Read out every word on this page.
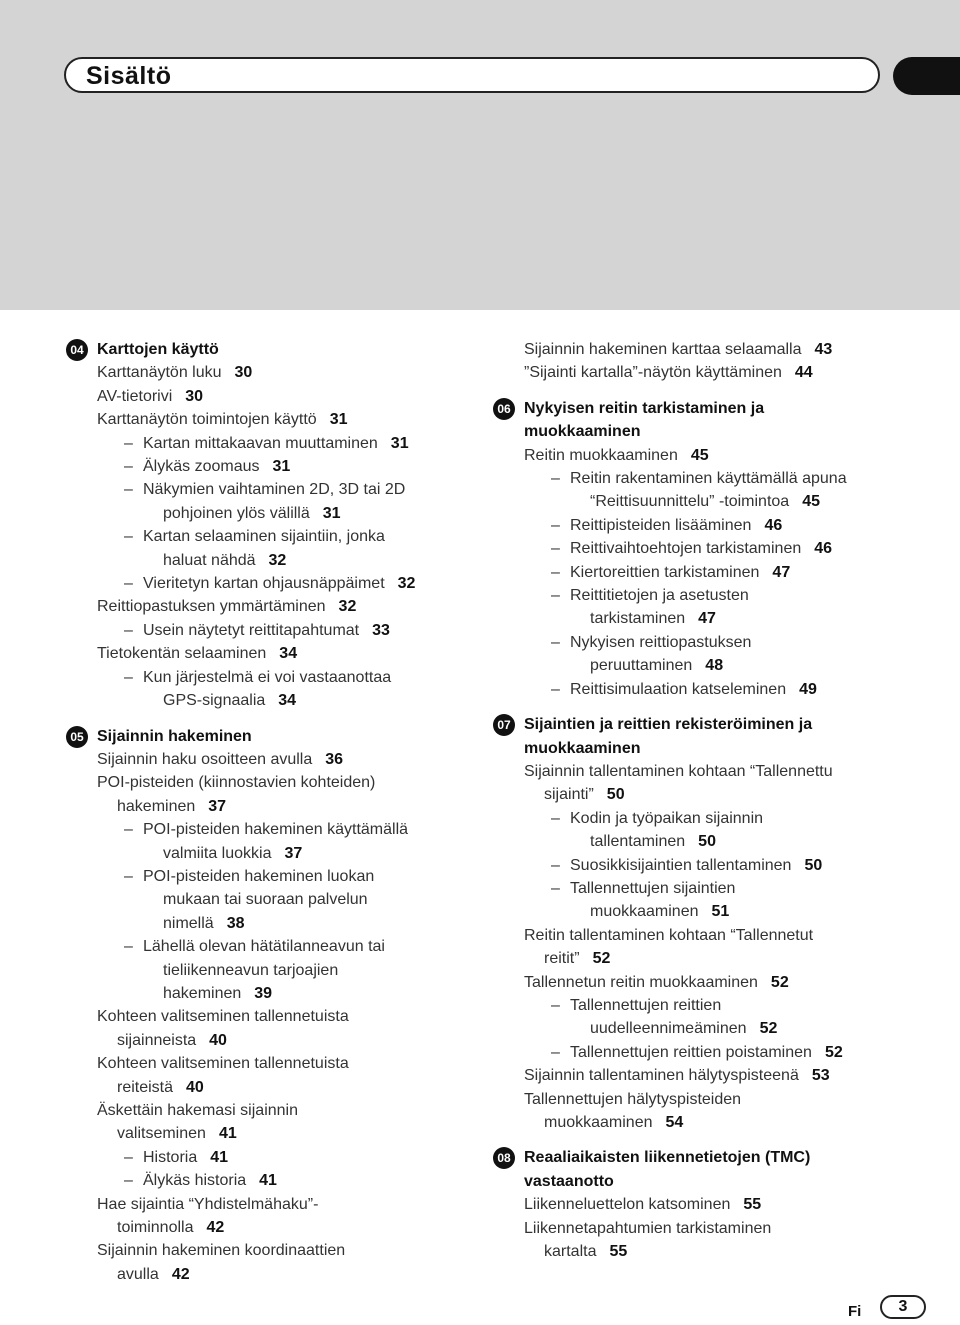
Sisältö
04 Karttojen käyttö
Karttanäytön luku 30
AV-tietorivi 30
Karttanäytön toimintojen käyttö 31
– Kartan mittakaavan muuttaminen 31
– Älykäs zoomaus 31
– Näkymien vaihtaminen 2D, 3D tai 2D
pohjoinen ylös välillä 31
– Kartan selaaminen sijaintiin, jonka
haluat nähdä 32
– Vieritetyn kartan ohjausnäppäimet 32
Reittiopastuksen ymmärtäminen 32
– Usein näytetyt reittitapahtumat 33
Tietokentän selaaminen 34
– Kun järjestelmä ei voi vastaanottaa
GPS-signaalia 34
05 Sijainnin hakeminen
Sijainnin haku osoitteen avulla 36
POI-pisteiden (kiinnostavien kohteiden)
hakeminen 37
– POI-pisteiden hakeminen käyttämällä
valmiita luokkia 37
– POI-pisteiden hakeminen luokan
mukaan tai suoraan palvelun
nimellä 38
– Lähellä olevan hätätilanneavun tai
tieliikenneavun tarjoajien
hakeminen 39
Kohteen valitseminen tallennetuista
sijainneista 40
Kohteen valitseminen tallennetuista
reiteistä 40
Äskettäin hakemasi sijainnin
valitseminen 41
– Historia 41
– Älykäs historia 41
Hae sijaintia “Yhdistelmähaku”-
toiminnolla 42
Sijainnin hakeminen koordinaattien
avulla 42
Sijainnin hakeminen karttaa selaamalla 43
”Sijainti kartalla”-näytön käyttäminen 44
06 Nykyisen reitin tarkistaminen ja
muokkaaminen
Reitin muokkaaminen 45
– Reitin rakentaminen käyttämällä apuna
“Reittisuunnittelu” -toimintoa 45
– Reittipisteiden lisääminen 46
– Reittivaihtoehtojen tarkistaminen 46
– Kiertoreittien tarkistaminen 47
– Reittitietojen ja asetusten
tarkistaminen 47
– Nykyisen reittiopastuksen
peruuttaminen 48
– Reittisimulaation katseleminen 49
07 Sijaintien ja reittien rekisteröiminen ja
muokkaaminen
Sijainnin tallentaminen kohtaan “Tallennettu
sijainti” 50
– Kodin ja työpaikan sijainnin
tallentaminen 50
– Suosikkisijaintien tallentaminen 50
– Tallennettujen sijaintien
muokkaaminen 51
Reitin tallentaminen kohtaan “Tallennetut
reitit” 52
Tallennetun reitin muokkaaminen 52
– Tallennettujen reittien
uudelleennimeäminen 52
– Tallennettujen reittien poistaminen 52
Sijainnin tallentaminen hälytyspisteenä 53
Tallennettujen hälytyspisteiden
muokkaaminen 54
08 Reaaliaikaisten liikennetietojen (TMC)
vastaanotto
Liikenneluettelon katsominen 55
Liikennetapahtumien tarkistaminen
kartalta 55
Fi	3
